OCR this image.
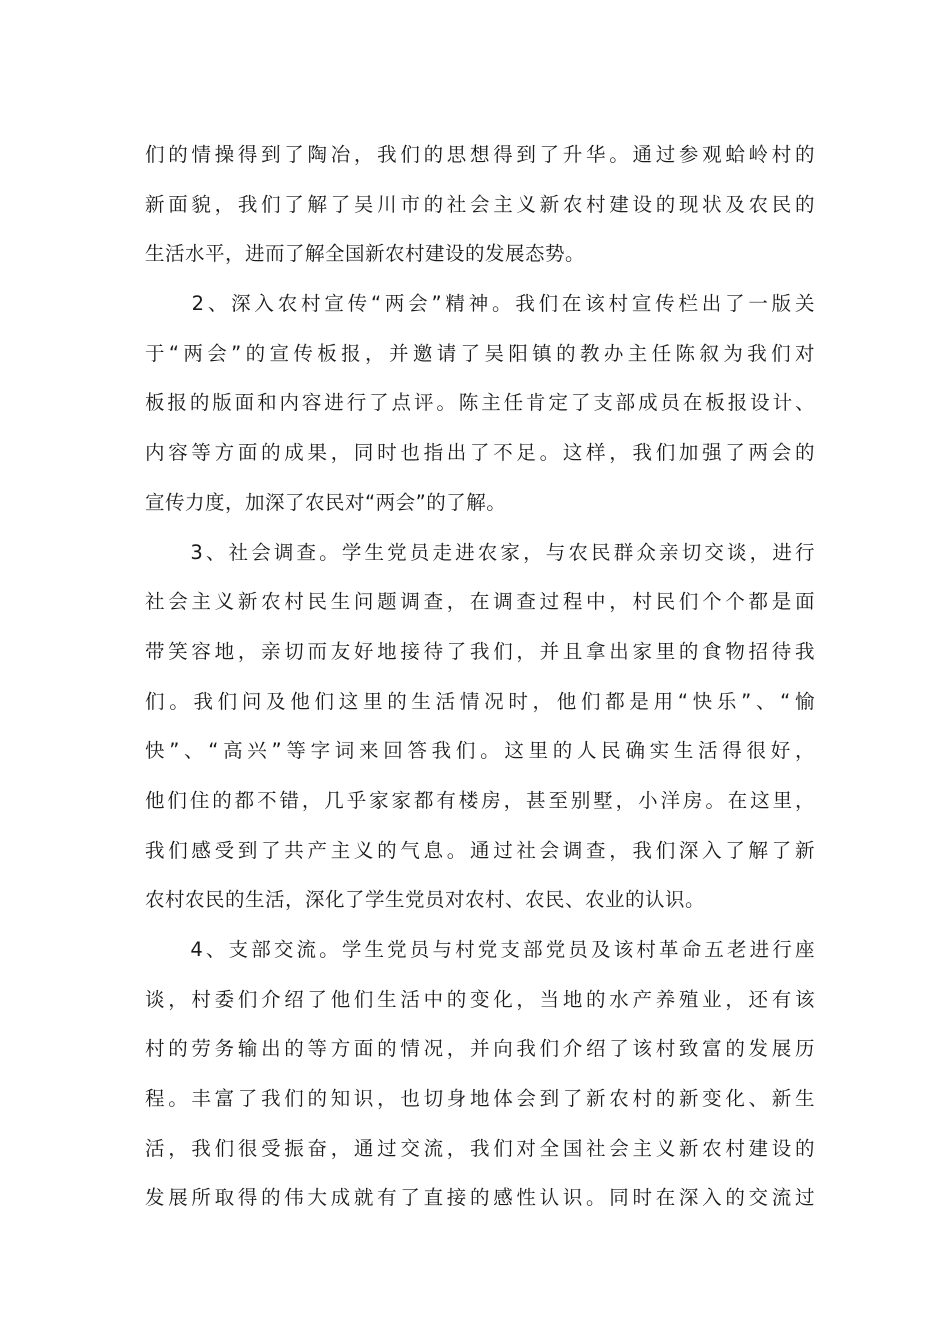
们的情操得到了陶冶，我们的思想得到了升华。通过参观蛤岭村的
新面貌，我们了解了吴川市的社会主义新农村建设的现状及农民的
生活水平，进而了解全国新农村建设的发展态势。
　　2、深入农村宣传“两会”精神。我们在该村宣传栏出了一版关
于“两会”的宣传板报，并邀请了吴阳镇的教办主任陈叙为我们对
板报的版面和内容进行了点评。陈主任肯定了支部成员在板报设计、
内容等方面的成果，同时也指出了不足。这样，我们加强了两会的
宣传力度，加深了农民对“两会”的了解。
　　3、社会调查。学生党员走进农家，与农民群众亲切交谈，进行
社会主义新农村民生问题调查，在调查过程中，村民们个个都是面
带笑容地，亲切而友好地接待了我们，并且拿出家里的食物招待我
们。我们问及他们这里的生活情况时，他们都是用“快乐”、“愉
快”、“高兴”等字词来回答我们。这里的人民确实生活得很好，
他们住的都不错，几乎家家都有楼房，甚至别墅，小洋房。在这里，
我们感受到了共产主义的气息。通过社会调查，我们深入了解了新
农村农民的生活，深化了学生党员对农村、农民、农业的认识。
　　4、支部交流。学生党员与村党支部党员及该村革命五老进行座
谈，村委们介绍了他们生活中的变化，当地的水产养殖业，还有该
村的劳务输出的等方面的情况，并向我们介绍了该村致富的发展历
程。丰富了我们的知识，也切身地体会到了新农村的新变化、新生
活，我们很受振奋，通过交流，我们对全国社会主义新农村建设的
发展所取得的伟大成就有了直接的感性认识。同时在深入的交流过
